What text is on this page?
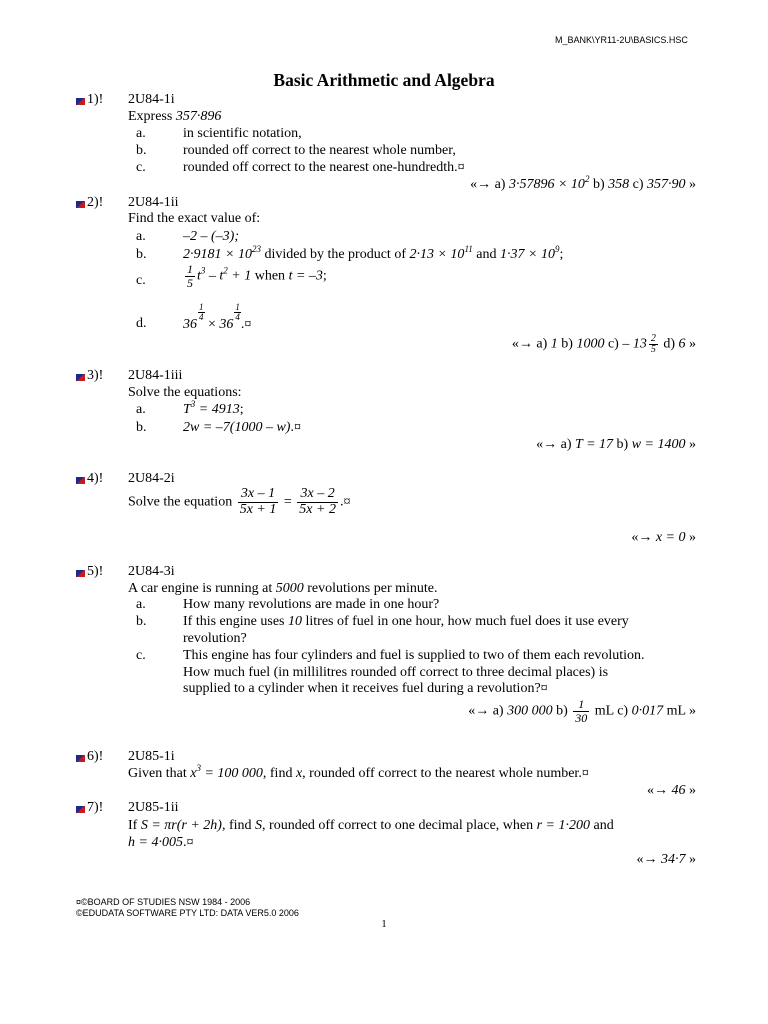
M_BANK\YR11-2U\BASICS.HSC
Basic Arithmetic and Algebra
1)! 2U84-1i
Express 357·896
a.	in scientific notation,
b.	rounded off correct to the nearest whole number,
c.	rounded off correct to the nearest one-hundredth.¤
«→ a) $3\cdot 57896 \times 10^2$ b) 358 c) 357·90 »
2)! 2U84-1ii
Find the exact value of:
a.	–2 – (–3);
b.	$2\cdot 9181 \times 10^{23}$ divided by the product of $2\cdot 13 \times 10^{11}$ and $1\cdot 37 \times 10^9$;
c.	$\frac{1}{5} t^3 - t^2 + 1$ when t = –3;
d.	36
$\frac{1}{4}$
× 36
$\frac{1}{4}$
.¤
«→ a) 1 b) 1000 $c) - 13 \frac{2}{5} d$) 6 »
3)! 2U84-1iii
Solve the equations:
a.	$T^3 = 4913$;
b.	2w = –7(1000 – w).¤
«→ a) T = 17 b) w = 1400 »
4)! 2U84-2i
Solve the equation $\frac{3x - 1}{5x + 1} = \frac{3x - 2}{5x + 2}$ .¤
«→ x = 0 »
5)! 2U84-3i
A car engine is running at 5000 revolutions per minute.
a.	How many revolutions are made in one hour?
b.	If this engine uses 10 litres of fuel in one hour, how much fuel does it use every
revolution?
c.	This engine has four cylinders and fuel is supplied to two of them each revolution.
How much fuel (in millilitres rounded off correct to three decimal places) is
supplied to a cylinder when it receives fuel during a revolution?¤
«→ a) 300 000 $b) \frac{1}{30}$ mL c) 0·017 mL »
6)! 2U85-1i
Given that $x^3 = 100$ 000, find x, rounded off correct to the nearest whole number.¤
«→ 46 »
7)! 2U85-1ii
If S = πr(r + 2h), find S, rounded off correct to one decimal place, when r = 1·200 and
h = 4·005.¤
«→ 34·7 »
¤©BOARD OF STUDIES NSW 1984 - 2006
©EDUDATA SOFTWARE PTY LTD: DATA VER5.0 2006
1
